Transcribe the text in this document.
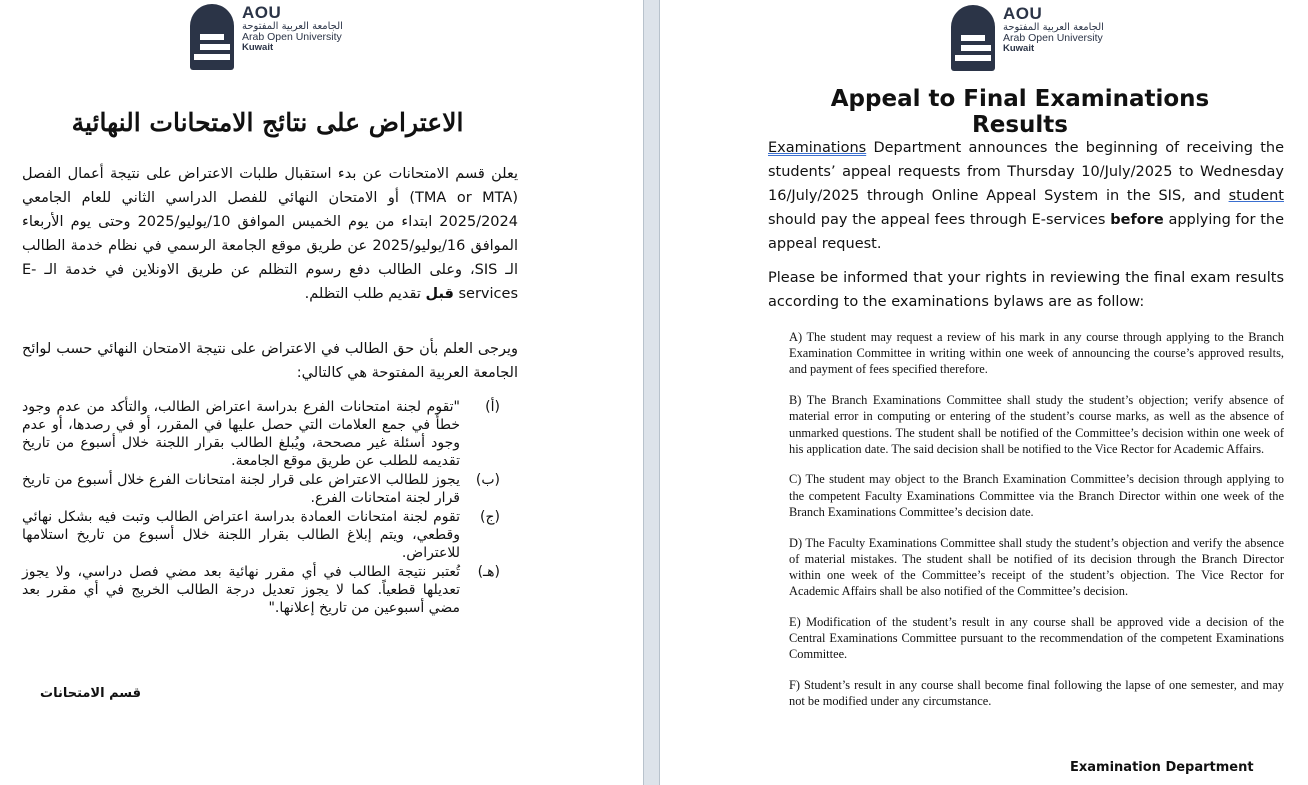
AOU
الجامعة العربية المفتوحة
Arab Open University
Kuwait
الاعتراض على نتائج الامتحانات النهائية
يعلن قسم الامتحانات عن بدء استقبال طلبات الاعتراض على نتيجة أعمال الفصل (TMA or MTA) أو الامتحان النهائي للفصل الدراسي الثاني للعام الجامعي 2025/2024 ابتداء من يوم الخميس الموافق 10/يوليو/2025 وحتى يوم الأربعاء الموافق 16/يوليو/2025 عن طريق موقع الجامعة الرسمي في نظام خدمة الطالب الـ SIS، وعلى الطالب دفع رسوم التظلم عن طريق الاونلاين في خدمة الـ E-services قبل تقديم طلب التظلم.
ويرجى العلم بأن حق الطالب في الاعتراض على نتيجة الامتحان النهائي حسب لوائح الجامعة العربية المفتوحة هي كالتالي:
(أ)
"تقوم لجنة امتحانات الفرع بدراسة اعتراض الطالب، والتأكد من عدم وجود خطأ في جمع العلامات التي حصل عليها في المقرر، أو في رصدها، أو عدم وجود أسئلة غير مصححة، ويُبلغ الطالب بقرار اللجنة خلال أسبوع من تاريخ تقديمه للطلب عن طريق موقع الجامعة.
(ب)
يجوز للطالب الاعتراض على قرار لجنة امتحانات الفرع خلال أسبوع من تاريخ قرار لجنة امتحانات الفرع.
(ج)
تقوم لجنة امتحانات العمادة بدراسة اعتراض الطالب وتبت فيه بشكل نهائي وقطعي، ويتم إبلاغ الطالب بقرار اللجنة خلال أسبوع من تاريخ استلامها للاعتراض.
(هـ)
تُعتبر نتيجة الطالب في أي مقرر نهائية بعد مضي فصل دراسي، ولا يجوز تعديلها قطعياً. كما لا يجوز تعديل درجة الطالب الخريج في أي مقرر بعد مضي أسبوعين من تاريخ إعلانها."
قسم الامتحانات
AOU
الجامعة العربية المفتوحة
Arab Open University
Kuwait
Appeal to Final Examinations Results
Examinations Department announces the beginning of receiving the students’ appeal requests from Thursday 10/July/2025 to Wednesday 16/July/2025 through Online Appeal System in the SIS, and student should pay the appeal fees through E-services before applying for the appeal request.
Please be informed that your rights in reviewing the final exam results according to the examinations bylaws are as follow:
A) The student may request a review of his mark in any course through applying to the Branch Examination Committee in writing within one week of announcing the course’s approved results, and payment of fees specified therefore.
B) The Branch Examinations Committee shall study the student’s objection; verify absence of material error in computing or entering of the student’s course marks, as well as the absence of unmarked questions. The student shall be notified of the Committee’s decision within one week of his application date. The said decision shall be notified to the Vice Rector for Academic Affairs.
C) The student may object to the Branch Examination Committee’s decision through applying to the competent Faculty Examinations Committee via the Branch Director within one week of the Branch Examinations Committee’s decision date.
D) The Faculty Examinations Committee shall study the student’s objection and verify the absence of material mistakes. The student shall be notified of its decision through the Branch Director within one week of the Committee’s receipt of the student’s objection. The Vice Rector for Academic Affairs shall be also notified of the Committee’s decision.
E) Modification of the student’s result in any course shall be approved vide a decision of the Central Examinations Committee pursuant to the recommendation of the competent Examinations Committee.
F) Student’s result in any course shall become final following the lapse of one semester, and may not be modified under any circumstance.
Examination Department
